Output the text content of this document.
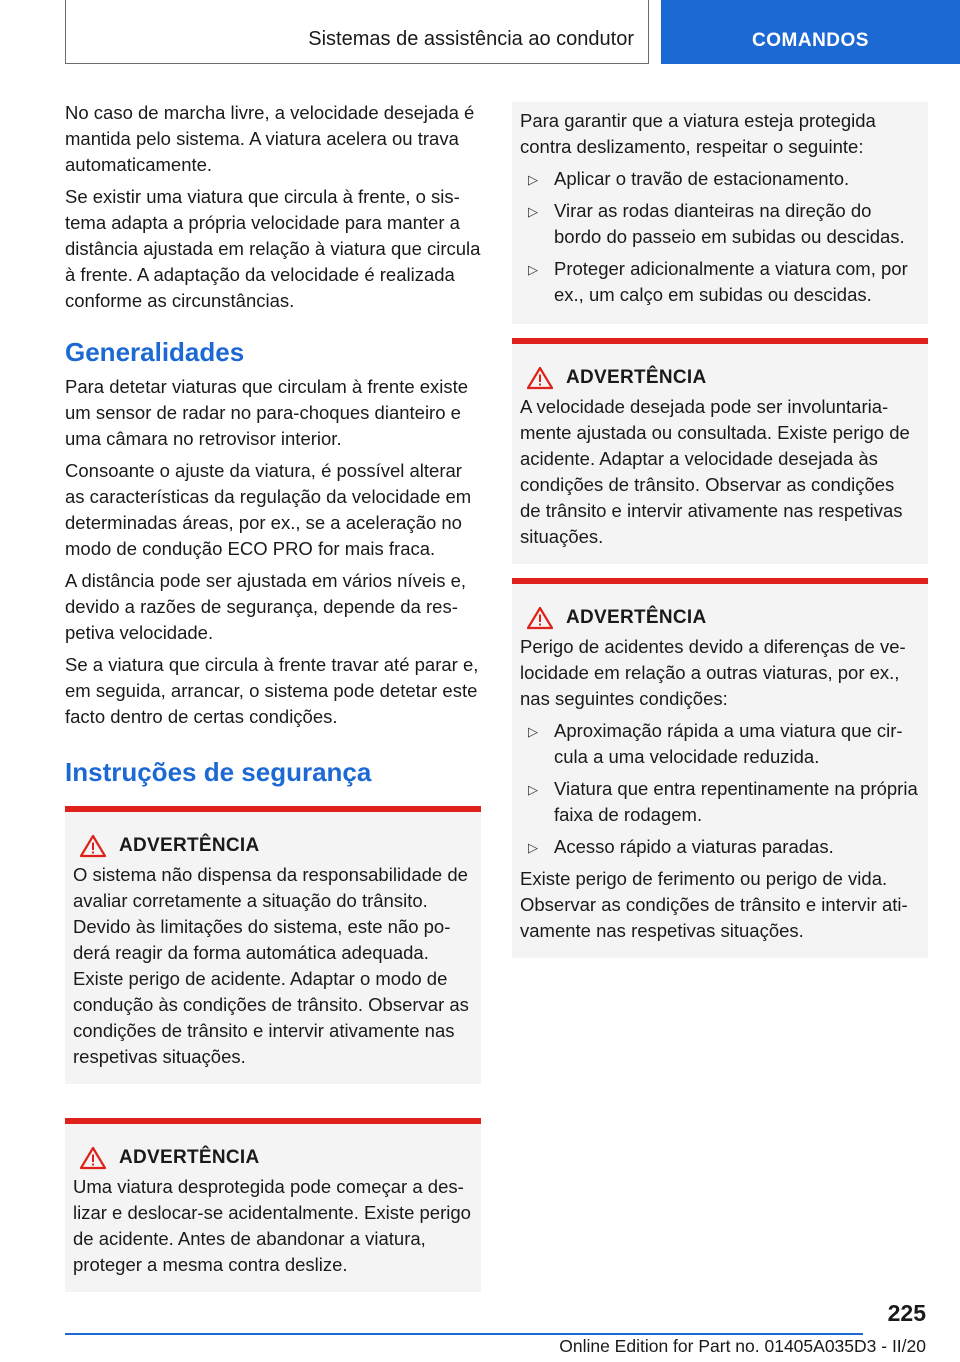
Sistemas de assistência ao condutor	COMANDOS

No caso de marcha livre, a velocidade desejada é mantida pelo sistema. A viatura acelera ou trava automaticamente.

Se existir uma viatura que circula à frente, o sistema adapta a própria velocidade para manter a distância ajustada em relação à viatura que circula à frente. A adaptação da velocidade é realizada conforme as circunstâncias.

Generalidades

Para detetar viaturas que circulam à frente existe um sensor de radar no para-choques dianteiro e uma câmara no retrovisor interior.

Consoante o ajuste da viatura, é possível alterar as características da regulação da velocidade em determinadas áreas, por ex., se a aceleração no modo de condução ECO PRO for mais fraca.

A distância pode ser ajustada em vários níveis e, devido a razões de segurança, depende da respetiva velocidade.

Se a viatura que circula à frente travar até parar e, em seguida, arrancar, o sistema pode detetar este facto dentro de certas condições.

Instruções de segurança
ADVERTÊNCIA

O sistema não dispensa da responsabilidade de avaliar corretamente a situação do trânsito. Devido às limitações do sistema, este não poderá reagir da forma automática adequada. Existe perigo de acidente. Adaptar o modo de condução às condições de trânsito. Observar as condições de trânsito e intervir ativamente nas respetivas situações.

ADVERTÊNCIA

Uma viatura desprotegida pode começar a deslizar e deslocar-se acidentalmente. Existe perigo de acidente. Antes de abandonar a viatura, proteger a mesma contra deslize.

Para garantir que a viatura esteja protegida contra deslizamento, respeitar o seguinte:

▷ Aplicar o travão de estacionamento.
▷ Virar as rodas dianteiras na direção do bordo do passeio em subidas ou descidas.
▷ Proteger adicionalmente a viatura com, por ex., um calço em subidas ou descidas.
ADVERTÊNCIA

A velocidade desejada pode ser involuntariamente ajustada ou consultada. Existe perigo de acidente. Adaptar a velocidade desejada às condições de trânsito. Observar as condições de trânsito e intervir ativamente nas respetivas situações.

ADVERTÊNCIA

Perigo de acidentes devido a diferenças de velocidade em relação a outras viaturas, por ex., nas seguintes condições:

▷ Aproximação rápida a uma viatura que circula a uma velocidade reduzida.
▷ Viatura que entra repentinamente na própria faixa de rodagem.
▷ Acesso rápido a viaturas paradas.

Existe perigo de ferimento ou perigo de vida. Observar as condições de trânsito e intervir ativamente nas respetivas situações.

225
Online Edition for Part no. 01405A035D3 - II/20
